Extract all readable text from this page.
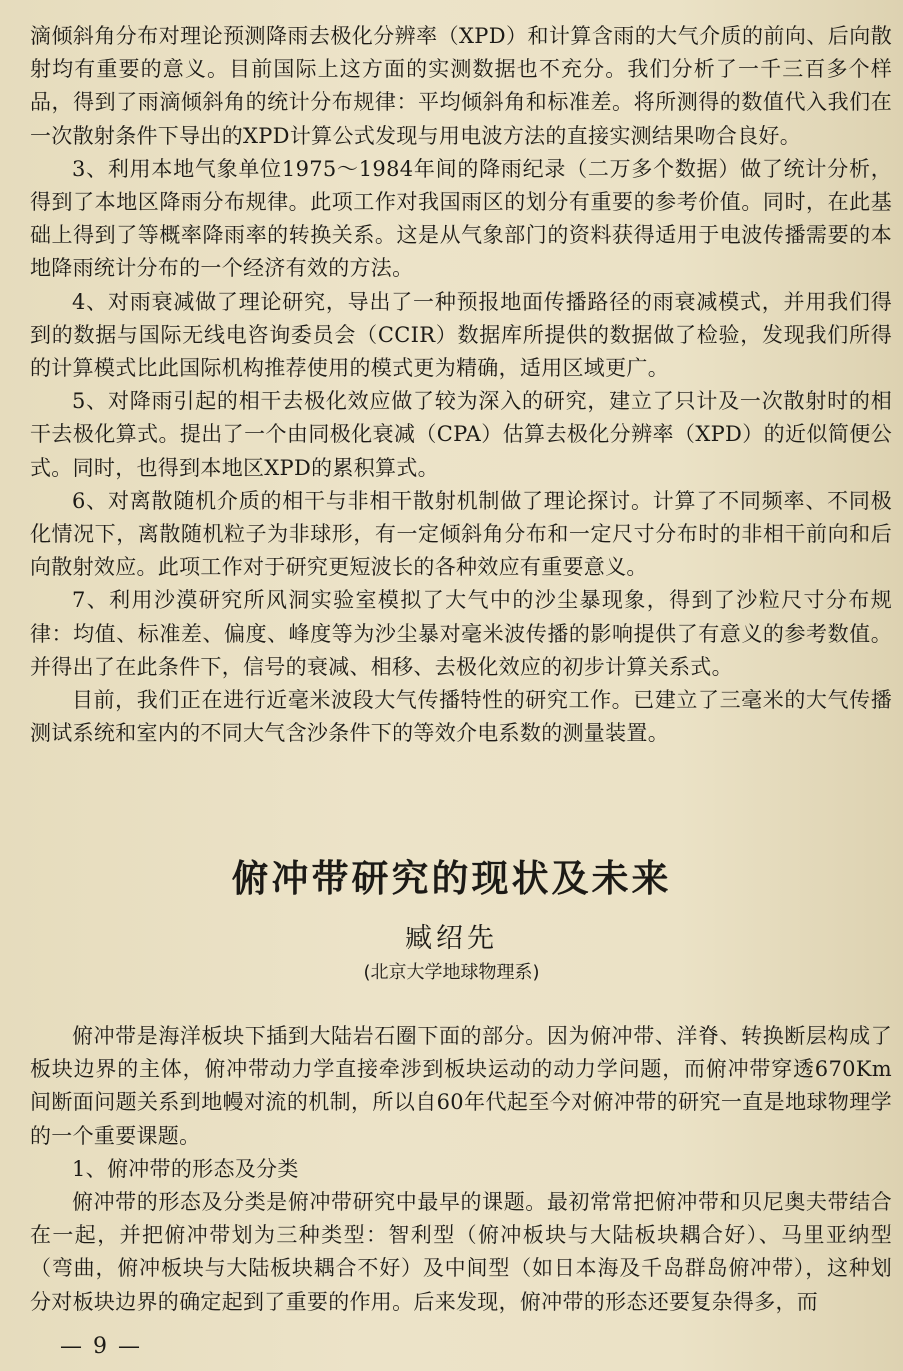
滴倾斜角分布对理论预测降雨去极化分辨率（XPD）和计算含雨的大气介质的前向、后向散射均有重要的意义。目前国际上这方面的实测数据也不充分。我们分析了一千三百多个样品，得到了雨滴倾斜角的统计分布规律：平均倾斜角和标准差。将所测得的数值代入我们在一次散射条件下导出的XPD计算公式发现与用电波方法的直接实测结果吻合良好。

3、利用本地气象单位1975～1984年间的降雨纪录（二万多个数据）做了统计分析，得到了本地区降雨分布规律。此项工作对我国雨区的划分有重要的参考价值。同时，在此基础上得到了等概率降雨率的转换关系。这是从气象部门的资料获得适用于电波传播需要的本地降雨统计分布的一个经济有效的方法。

4、对雨衰减做了理论研究，导出了一种预报地面传播路径的雨衰减模式，并用我们得到的数据与国际无线电咨询委员会（CCIR）数据库所提供的数据做了检验，发现我们所得的计算模式比此国际机构推荐使用的模式更为精确，适用区域更广。

5、对降雨引起的相干去极化效应做了较为深入的研究，建立了只计及一次散射时的相干去极化算式。提出了一个由同极化衰减（CPA）估算去极化分辨率（XPD）的近似简便公式。同时，也得到本地区XPD的累积算式。

6、对离散随机介质的相干与非相干散射机制做了理论探讨。计算了不同频率、不同极化情况下，离散随机粒子为非球形，有一定倾斜角分布和一定尺寸分布时的非相干前向和后向散射效应。此项工作对于研究更短波长的各种效应有重要意义。

7、利用沙漠研究所风洞实验室模拟了大气中的沙尘暴现象，得到了沙粒尺寸分布规律：均值、标准差、偏度、峰度等为沙尘暴对毫米波传播的影响提供了有意义的参考数值。并得出了在此条件下，信号的衰减、相移、去极化效应的初步计算关系式。

目前，我们正在进行近毫米波段大气传播特性的研究工作。已建立了三毫米的大气传播测试系统和室内的不同大气含沙条件下的等效介电系数的测量装置。

俯冲带研究的现状及未来
臧绍先
(北京大学地球物理系)

俯冲带是海洋板块下插到大陆岩石圈下面的部分。因为俯冲带、洋脊、转换断层构成了板块边界的主体，俯冲带动力学直接牵涉到板块运动的动力学问题，而俯冲带穿透670Km间断面问题关系到地幔对流的机制，所以自60年代起至今对俯冲带的研究一直是地球物理学的一个重要课题。

1、俯冲带的形态及分类

俯冲带的形态及分类是俯冲带研究中最早的课题。最初常常把俯冲带和贝尼奥夫带结合在一起，并把俯冲带划为三种类型：智利型（俯冲板块与大陆板块耦合好）、马里亚纳型（弯曲，俯冲板块与大陆板块耦合不好）及中间型（如日本海及千岛群岛俯冲带），这种划分对板块边界的确定起到了重要的作用。后来发现，俯冲带的形态还要复杂得多，而

— 9 —
